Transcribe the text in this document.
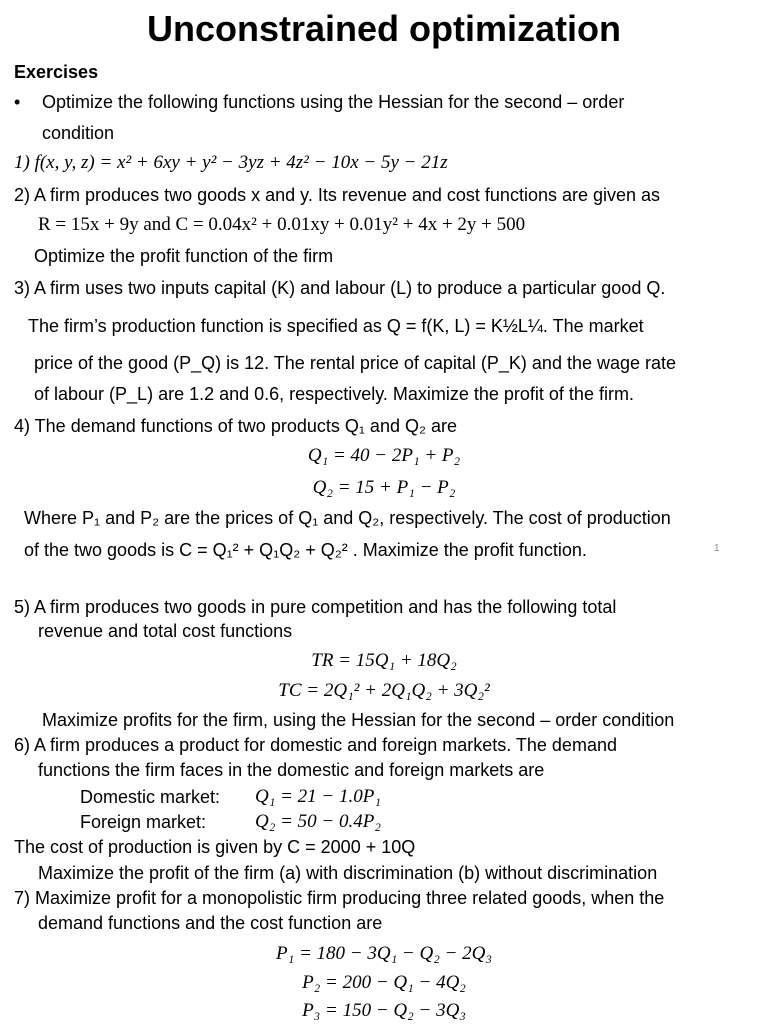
Unconstrained optimization
Exercises
• Optimize the following functions using the Hessian for the second – order
condition
1) f(x, y, z) = x² + 6xy + y² − 3yz + 4z² − 10x − 5y − 21z
2) A firm produces two goods x and y. Its revenue and cost functions are given as
R = 15x + 9y and C = 0.04x² + 0.01xy + 0.01y² + 4x + 2y + 500
Optimize the profit function of the firm
3) A firm uses two inputs capital (K) and labour (L) to produce a particular good Q.
The firm’s production function is specified as Q = f(K, L) = K½L¼. The market
price of the good (P_Q) is 12. The rental price of capital (P_K) and the wage rate
of labour (P_L) are 1.2 and 0.6, respectively. Maximize the profit of the firm.
4) The demand functions of two products Q₁ and Q₂ are
Q₁ = 40 − 2P₁ + P₂
Q₂ = 15 + P₁ − P₂
Where P₁ and P₂ are the prices of Q₁ and Q₂, respectively. The cost of production
of the two goods is C = Q₁² + Q₁Q₂ + Q₂² . Maximize the profit function.	1
5) A firm produces two goods in pure competition and has the following total
revenue and total cost functions
TR = 15Q₁ + 18Q₂
TC = 2Q₁² + 2Q₁Q₂ + 3Q₂²
Maximize profits for the firm, using the Hessian for the second – order condition
6) A firm produces a product for domestic and foreign markets. The demand
functions the firm faces in the domestic and foreign markets are
Domestic market: Q₁ = 21 − 1.0P₁
Foreign market:	Q₂ = 50 − 0.4P₂
The cost of production is given by C = 2000 + 10Q
Maximize the profit of the firm (a) with discrimination (b) without discrimination
7) Maximize profit for a monopolistic firm producing three related goods, when the
demand functions and the cost function are
P₁ = 180 − 3Q₁ − Q₂ − 2Q₃
P₂ = 200 − Q₁ − 4Q₂
P₃ = 150 − Q₂ − 3Q₃
